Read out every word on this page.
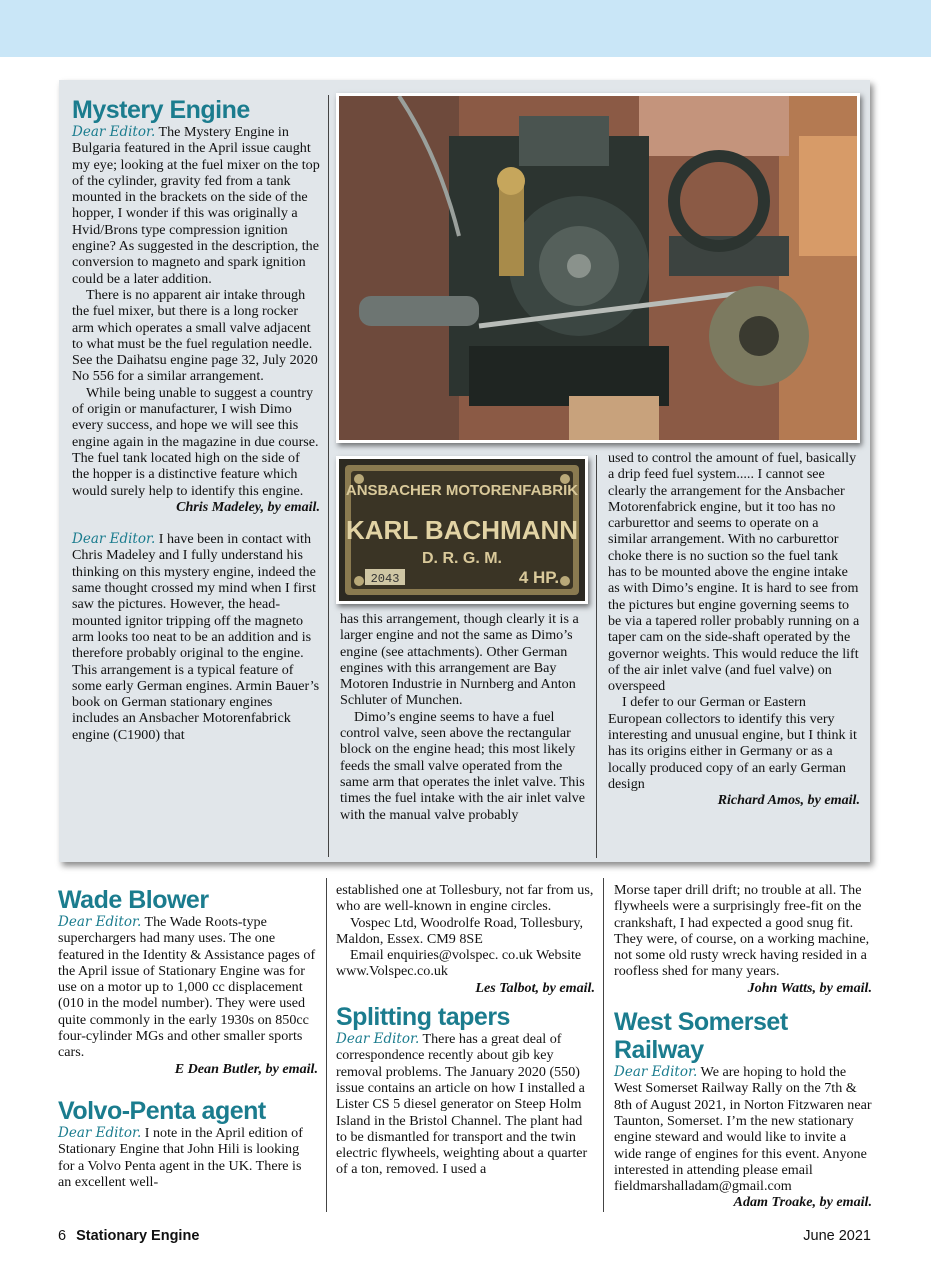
ANSBACHER MOTORENFABRIK
KARL BACHMANN
D. R. G. M.
2043	4 HP.
Mystery Engine

Dear Editor. The Mystery Engine in Bulgaria featured in the April issue caught my eye; looking at the fuel mixer on the top of the cylinder, gravity fed from a tank mounted in the brackets on the side of the hopper, I wonder if this was originally a Hvid/Brons type compression ignition engine? As suggested in the description, the conversion to magneto and spark ignition could be a later addition.

There is no apparent air intake through the fuel mixer, but there is a long rocker arm which operates a small valve adjacent to what must be the fuel regulation needle. See the Daihatsu engine page 32, July 2020 No 556 for a similar arrangement.

While being unable to suggest a country of origin or manufacturer, I wish Dimo every success, and hope we will see this engine again in the magazine in due course. The fuel tank located high on the side of the hopper is a distinctive feature which would surely help to identify this engine.

Chris Madeley, by email.

Dear Editor. I have been in contact with Chris Madeley and I fully understand his thinking on this mystery engine, indeed the same thought crossed my mind when I first saw the pictures. However, the head-mounted ignitor tripping off the magneto arm looks too neat to be an addition and is therefore probably original to the engine. This arrangement is a typical feature of some early German engines. Armin Bauer’s book on German stationary engines includes an Ansbacher Motorenfabrick engine (C1900) that

has this arrangement, though clearly it is a larger engine and not the same as Dimo’s engine (see attachments). Other German engines with this arrangement are Bay Motoren Industrie in Nurnberg and Anton Schluter of Munchen.

Dimo’s engine seems to have a fuel control valve, seen above the rectangular block on the engine head; this most likely feeds the small valve operated from the same arm that operates the inlet valve. This times the fuel intake with the air inlet valve with the manual valve probably

used to control the amount of fuel, basically a drip feed fuel system..... I cannot see clearly the arrangement for the Ansbacher Motorenfabrick engine, but it too has no carburettor and seems to operate on a similar arrangement. With no carburettor choke there is no suction so the fuel tank has to be mounted above the engine intake as with Dimo’s engine. It is hard to see from the pictures but engine governing seems to be via a tapered roller probably running on a taper cam on the side-shaft operated by the governor weights. This would reduce the lift of the air inlet valve (and fuel valve) on overspeed

I defer to our German or Eastern European collectors to identify this very interesting and unusual engine, but I think it has its origins either in Germany or as a locally produced copy of an early German design

Richard Amos, by email.

Wade Blower

Dear Editor. The Wade Roots-type superchargers had many uses. The one featured in the Identity & Assistance pages of the April issue of Stationary Engine was for use on a motor up to 1,000 cc displacement (010 in the model number). They were used quite commonly in the early 1930s on 850cc four-cylinder MGs and other smaller sports cars.

E Dean Butler, by email.

Volvo-Penta agent

Dear Editor. I note in the April edition of Stationary Engine that John Hili is looking for a Volvo Penta agent in the UK. There is an excellent well-

established one at Tollesbury, not far from us, who are well-known in engine circles.

Vospec Ltd, Woodrolfe Road, Tollesbury, Maldon, Essex. CM9 8SE

Email enquiries@volspec. co.uk Website www.Volspec.co.uk

Les Talbot, by email.

Splitting tapers

Dear Editor. There has a great deal of correspondence recently about gib key removal problems. The January 2020 (550) issue contains an article on how I installed a Lister CS 5 diesel generator on Steep Holm Island in the Bristol Channel. The plant had to be dismantled for transport and the twin electric flywheels, weighting about a quarter of a ton, removed. I used a

Morse taper drill drift; no trouble at all. The flywheels were a surprisingly free-fit on the crankshaft, I had expected a good snug fit. They were, of course, on a working machine, not some old rusty wreck having resided in a roofless shed for many years.

John Watts, by email.

West Somerset Railway

Dear Editor. We are hoping to hold the West Somerset Railway Rally on the 7th & 8th of August 2021, in Norton Fitzwaren near Taunton, Somerset. I’m the new stationary engine steward and would like to invite a wide range of engines for this event. Anyone interested in attending please email fieldmarshalladam@gmail.com

Adam Troake, by email.

6 Stationary Engine	June 2021
